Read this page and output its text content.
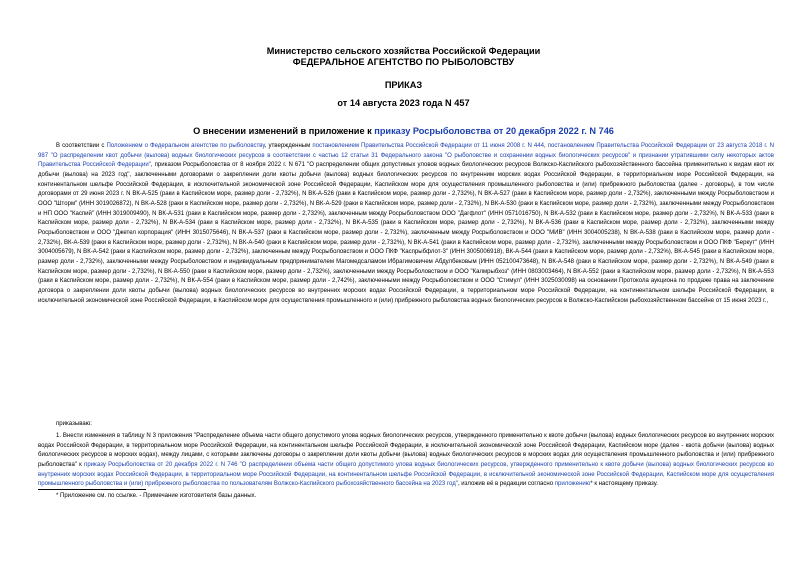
Министерство сельского хозяйства Российской Федерации
ФЕДЕРАЛЬНОЕ АГЕНТСТВО ПО РЫБОЛОВСТВУ
ПРИКАЗ
от 14 августа 2023 года N 457
О внесении изменений в приложение к приказу Росрыболовства от 20 декабря 2022 г. N 746
В соответствии с Положением о Федеральном агентстве по рыболовству, утвержденным постановлением Правительства Российской Федерации от 11 июня 2008 г. N 444, постановлением Правительства Российской Федерации от 23 августа 2018 г. N 987 "О распределении квот добычи (вылова) водных биологических ресурсов в соответствии с частью 12 статьи 31 Федерального закона "О рыболовстве и сохранении водных биологических ресурсов" и признании утратившими силу некоторых актов Правительства Российской Федерации", приказом Росрыболовства от 8 ноября 2022 г. N 671 "О распределении общих допустимых уловов водных биологических ресурсов Волжско-Каспийского рыбохозяйственного бассейна применительно к видам квот их добычи (вылова) на 2023 год", заключенными договорами о закреплении доли квоты добычи (вылова) водных биологических ресурсов по внутренним морских водах Российской Федерации, в территориальном море Российской Федерации, на континентальном шельфе Российской Федерации, в исключительной экономической зоне Российской Федерации, Каспийском море для осуществления промышленного рыболовства и (или) прибрежного рыболовства (далее - договоры), в том числе договорами от 29 июня 2023 г. N ВК-А-525 (раки в Каспийском море, размер доли - 2,732%), N ВК-А-526 (раки в Каспийском море, размер доли - 2,732%), N ВК-А-527 (раки в Каспийском море, размер доли - 2,732%), заключенными между Росрыболовством и ООО "Шторм" (ИНН 3019026872), N ВК-А-528 (раки в Каспийском море, размер доли - 2,732%), N ВК-А-529 (раки в Каспийском море, размер доли - 2,732%), N ВК-А-530 (раки в Каспийском море, размер доли - 2,732%), заключенными между Росрыболовством и НП ООО "Каспий" (ИНН 3019009490), N ВК-А-531 (раки в Каспийском море, размер доли - 2,732%), заключенным между Росрыболовством ООО "Дагфлот" (ИНН 0571016750), N ВК-А-532 (раки в Каспийском море, размер доли - 2,732%), N ВК-А-533 (раки в Каспийском море, размер доли - 2,732%), N ВК-А-534 (раки в Каспийском море, размер доли - 2,732%), N ВК-А-535 (раки в Каспийском море, размер доли - 2,732%), N ВК-А-536 (раки в Каспийском море, размер доли - 2,732%), заключенными между Росрыболовством и ООО "Джетел корпорация" (ИНН 3015075646), N ВК-А-537 (раки в Каспийском море, размер доли - 2,732%), заключенным между Росрыболовством и ООО "МИВ" (ИНН 3004005238), N ВК-А-538 (раки в Каспийском море, размер доли - 2,732%), ВК-А-539 (раки в Каспийском море, размер доли - 2,732%), N ВК-А-540 (раки в Каспийском море, размер доли - 2,732%), N ВК-А-541 (раки в Каспийском море, размер доли - 2,732%), заключенными между Росрыболовством и ООО ПКФ "Беркут" (ИНН 3004005679), N ВК-А-542 (раки в Каспийском море, размер доли - 2,732%), заключенным между Росрыболовством и ООО ПКФ "Каспрыбфлот-3" (ИНН 3005006918), ВК-А-544 (раки в Каспийском море, размер доли - 2,732%), ВК-А-545 (раки в Каспийском море, размер доли - 2,732%), заключенными между Росрыболовством и индивидуальным предпринимателем Магомедсаламом Ибрагимовичем Абдулбековым (ИНН 052100473648), N ВК-А-548 (раки в Каспийском море, размер доли - 2,732%), N ВК-А-549 (раки в Каспийском море, размер доли - 2,732%), N ВК-А-550 (раки в Каспийском море, размер доли - 2,732%), заключенными между Росрыболовством и ООО "Калмрыбхоз" (ИНН 0803003464), N ВК-А-552 (раки в Каспийском море, размер доли - 2,732%), N ВК-А-553 (раки в Каспийском море, размер доли - 2,732%), N ВК-А-554 (раки в Каспийском море, размер доли - 2,742%), заключенными между Росрыболовством и ООО "Стимул" (ИНН 3025030098) на основании Протокола аукциона по продаже права на заключение договора о закреплении доли квоты добычи (вылова) водных биологических ресурсов во внутренних морских водах Российской Федерации, в территориальном море Российской Федерации, на континентальном шельфе Российской Федерации, в исключительной экономической зоне Российской Федерации, в Каспийском море для осуществления промышленного и (или) прибрежного рыболовства водных биологических ресурсов в Волжско-Каспийском рыбохозяйственном бассейне от 15 июня 2023 г.,
приказываю:
1. Внести изменения в таблицу N 3 приложения "Распределение объема части общего допустимого улова водных биологических ресурсов, утвержденного применительно к квоте добычи (вылова) водных биологических ресурсов во внутренних морских водах Российской Федерации, в территориальном море Российской Федерации, на континентальном шельфе Российской Федерации, в исключительной экономической зоне Российской Федерации, Каспийском море (далее - квота добычи (вылова) водных биологических ресурсов в морских водах), между лицами, с которыми заключены договоры о закреплении доли квоты добычи (вылова) водных биологических ресурсов в морских водах для осуществления промышленного рыболовства и (или) прибрежного рыболовства" к приказу Росрыболовства от 20 декабря 2022 г. N 746 "О распределении объема части общего допустимого улова водных биологических ресурсов, утвержденного применительно к квоте добычи (вылова) водных биологических ресурсов во внутренних морских водах Российской Федерации, в территориальном море Российской Федерации, на континентальном шельфе Российской Федерации, в исключительной экономической зоне Российской Федерации, Каспийском море для осуществления промышленного рыболовства и (или) прибрежного рыболовства по пользователям Волжско-Каспийского рыбохозяйственного бассейна на 2023 год", изложив её в редакции согласно приложению* к настоящему приказу.
* Приложение см. по ссылке. - Примечание изготовителя базы данных.
